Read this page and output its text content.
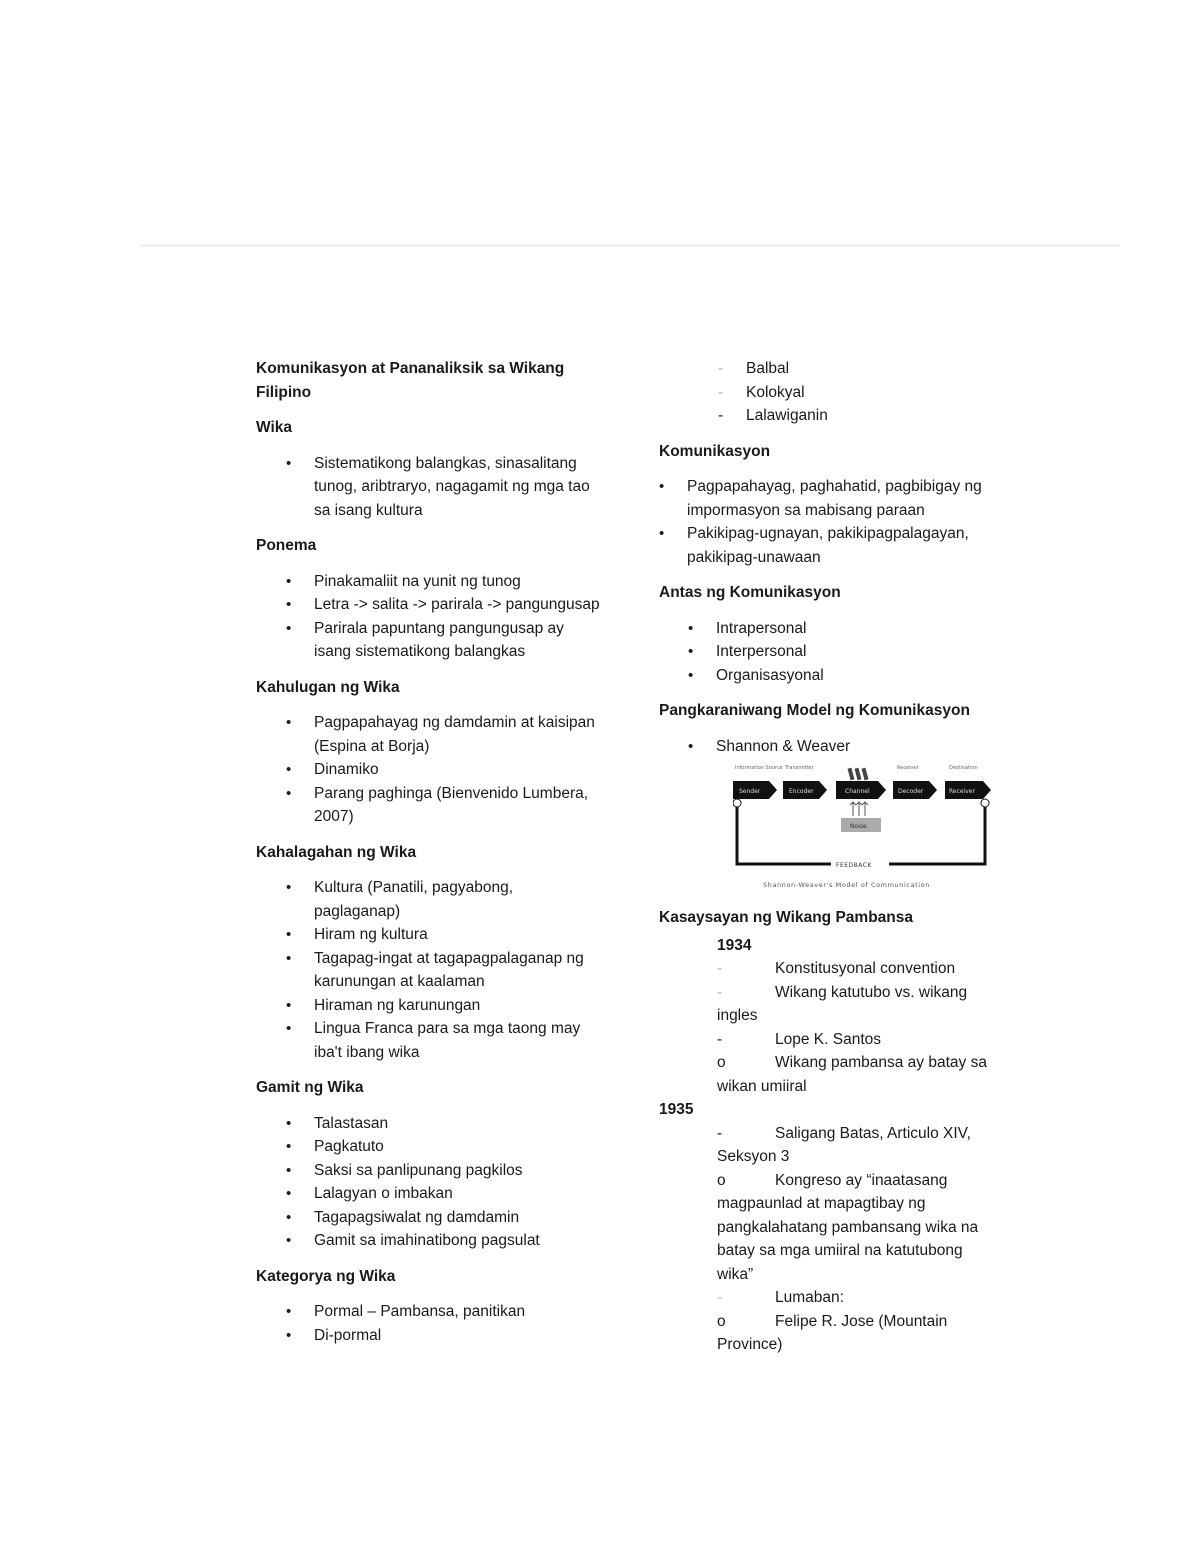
Komunikasyon at Pananaliksik sa Wikang Filipino
Wika
• Sistematikong balangkas, sinasalitang tunog, aribtraryo, nagagamit ng mga tao sa isang kultura
Ponema
• Pinakamaliit na yunit ng tunog
• Letra -> salita -> parirala -> pangungusap
• Parirala papuntang pangungusap ay isang sistematikong balangkas
Kahulugan ng Wika
• Pagpapahayag ng damdamin at kaisipan (Espina at Borja)
• Dinamiko
• Parang paghinga (Bienvenido Lumbera, 2007)
Kahalagahan ng Wika
• Kultura (Panatili, pagyabong, paglaganap)
• Hiram ng kultura
• Tagapag-ingat at tagapagpalaganap ng karunungan at kaalaman
• Hiraman ng karunungan
• Lingua Franca para sa mga taong may iba't ibang wika
Gamit ng Wika
• Talastasan
• Pagkatuto
• Saksi sa panlipunang pagkilos
• Lalagyan o imbakan
• Tagapagsiwalat ng damdamin
• Gamit sa imahinatibong pagsulat
Kategorya ng Wika
• Pormal – Pambansa, panitikan
• Di-pormal
- Balbal
- Kolokyal
- Lalawiganin
Komunikasyon
• Pagpapahayag, paghahatid, pagbibigay ng impormasyon sa mabisang paraan
• Pakikipag-ugnayan, pakikipagpalagayan, pakikipag-unawaan
Antas ng Komunikasyon
• Intrapersonal
• Interpersonal
• Organisasyonal
Pangkaraniwang Model ng Komunikasyon
• Shannon & Weaver
Information Source Transmitter	Receiver	Destination
Sender	Encoder	Channel	Decoder	Receiver
Noise
FEEDBACK
Shannon-Weaver's Model of Communication
Kasaysayan ng Wikang Pambansa
1934
-	Konstitusyonal convention
-	Wikang katutubo vs. wikang
ingles
-	Lope K. Santos
o	Wikang pambansa ay batay sa
wikan umiiral
1935
-	Saligang Batas, Articulo XIV,
Seksyon 3
o	Kongreso ay “inaatasang
magpaunlad at mapagtibay ng
pangkalahatang pambansang wika na
batay sa mga umiiral na katutubong
wika”
-	Lumaban:
o	Felipe R. Jose (Mountain
Province)
